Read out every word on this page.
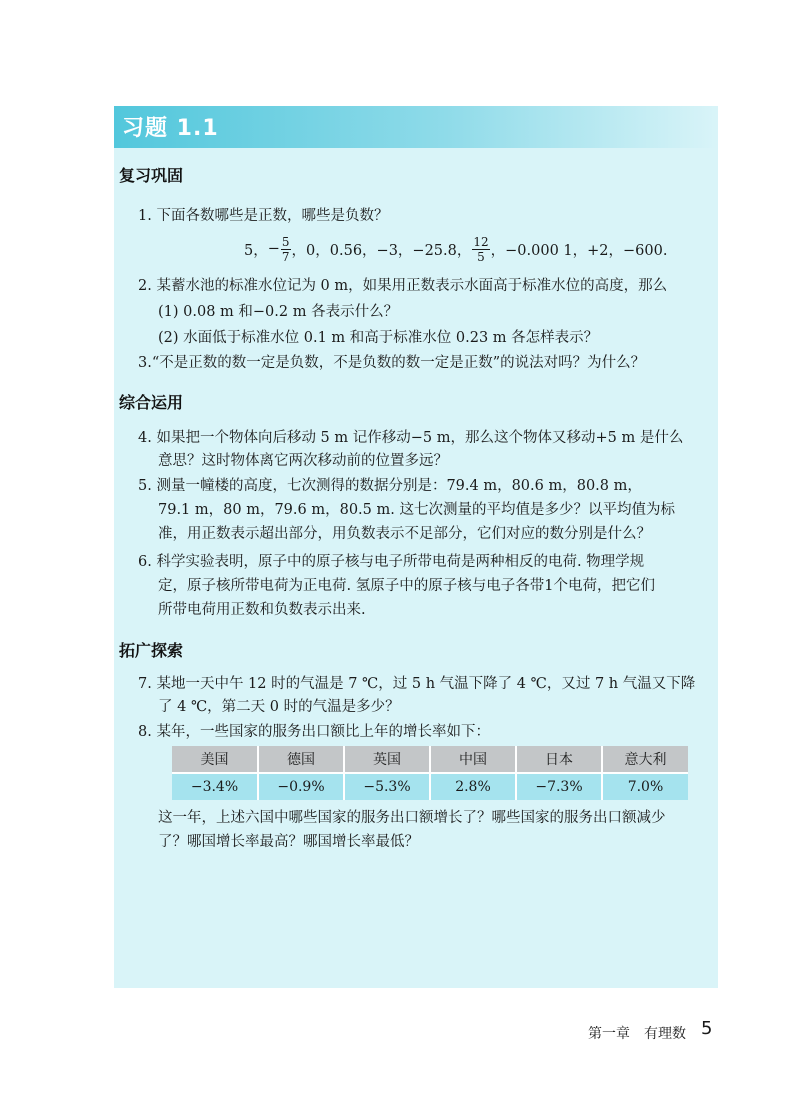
习题 1.1
复习巩固
1. 下面各数哪些是正数，哪些是负数？
5， − $\frac{5}{7}$ ，0，0.56，−3，−25.8， $\frac{12}{5}$ ，−0.000 1，+2，−600.
2. 某蓄水池的标准水位记为 0 m，如果用正数表示水面高于标准水位的高度，那么
(1) 0.08 m 和−0.2 m 各表示什么？
(2) 水面低于标准水位 0.1 m 和高于标准水位 0.23 m 各怎样表示？
3.“不是正数的数一定是负数，不是负数的数一定是正数”的说法对吗？为什么？
综合运用
4. 如果把一个物体向后移动 5 m 记作移动−5 m，那么这个物体又移动+5 m 是什么
意思？这时物体离它两次移动前的位置多远？
5. 测量一幢楼的高度，七次测得的数据分别是：79.4 m，80.6 m，80.8 m，
79.1 m，80 m，79.6 m，80.5 m. 这七次测量的平均值是多少？以平均值为标
准，用正数表示超出部分，用负数表示不足部分，它们对应的数分别是什么？
6. 科学实验表明，原子中的原子核与电子所带电荷是两种相反的电荷. 物理学规
定，原子核所带电荷为正电荷. 氢原子中的原子核与电子各带1个电荷，把它们
所带电荷用正数和负数表示出来.
拓广探索
7. 某地一天中午 12 时的气温是 7 ℃，过 5 h 气温下降了 4 ℃，又过 7 h 气温又下降
了 4 ℃，第二天 0 时的气温是多少？
8. 某年，一些国家的服务出口额比上年的增长率如下：
美国	德国	英国	中国	日本	意大利
−3.4%	−0.9%	−5.3%	2.8%	−7.3%	7.0%
这一年，上述六国中哪些国家的服务出口额增长了？哪些国家的服务出口额减少
了？哪国增长率最高？哪国增长率最低？
第一章　有理数 5
